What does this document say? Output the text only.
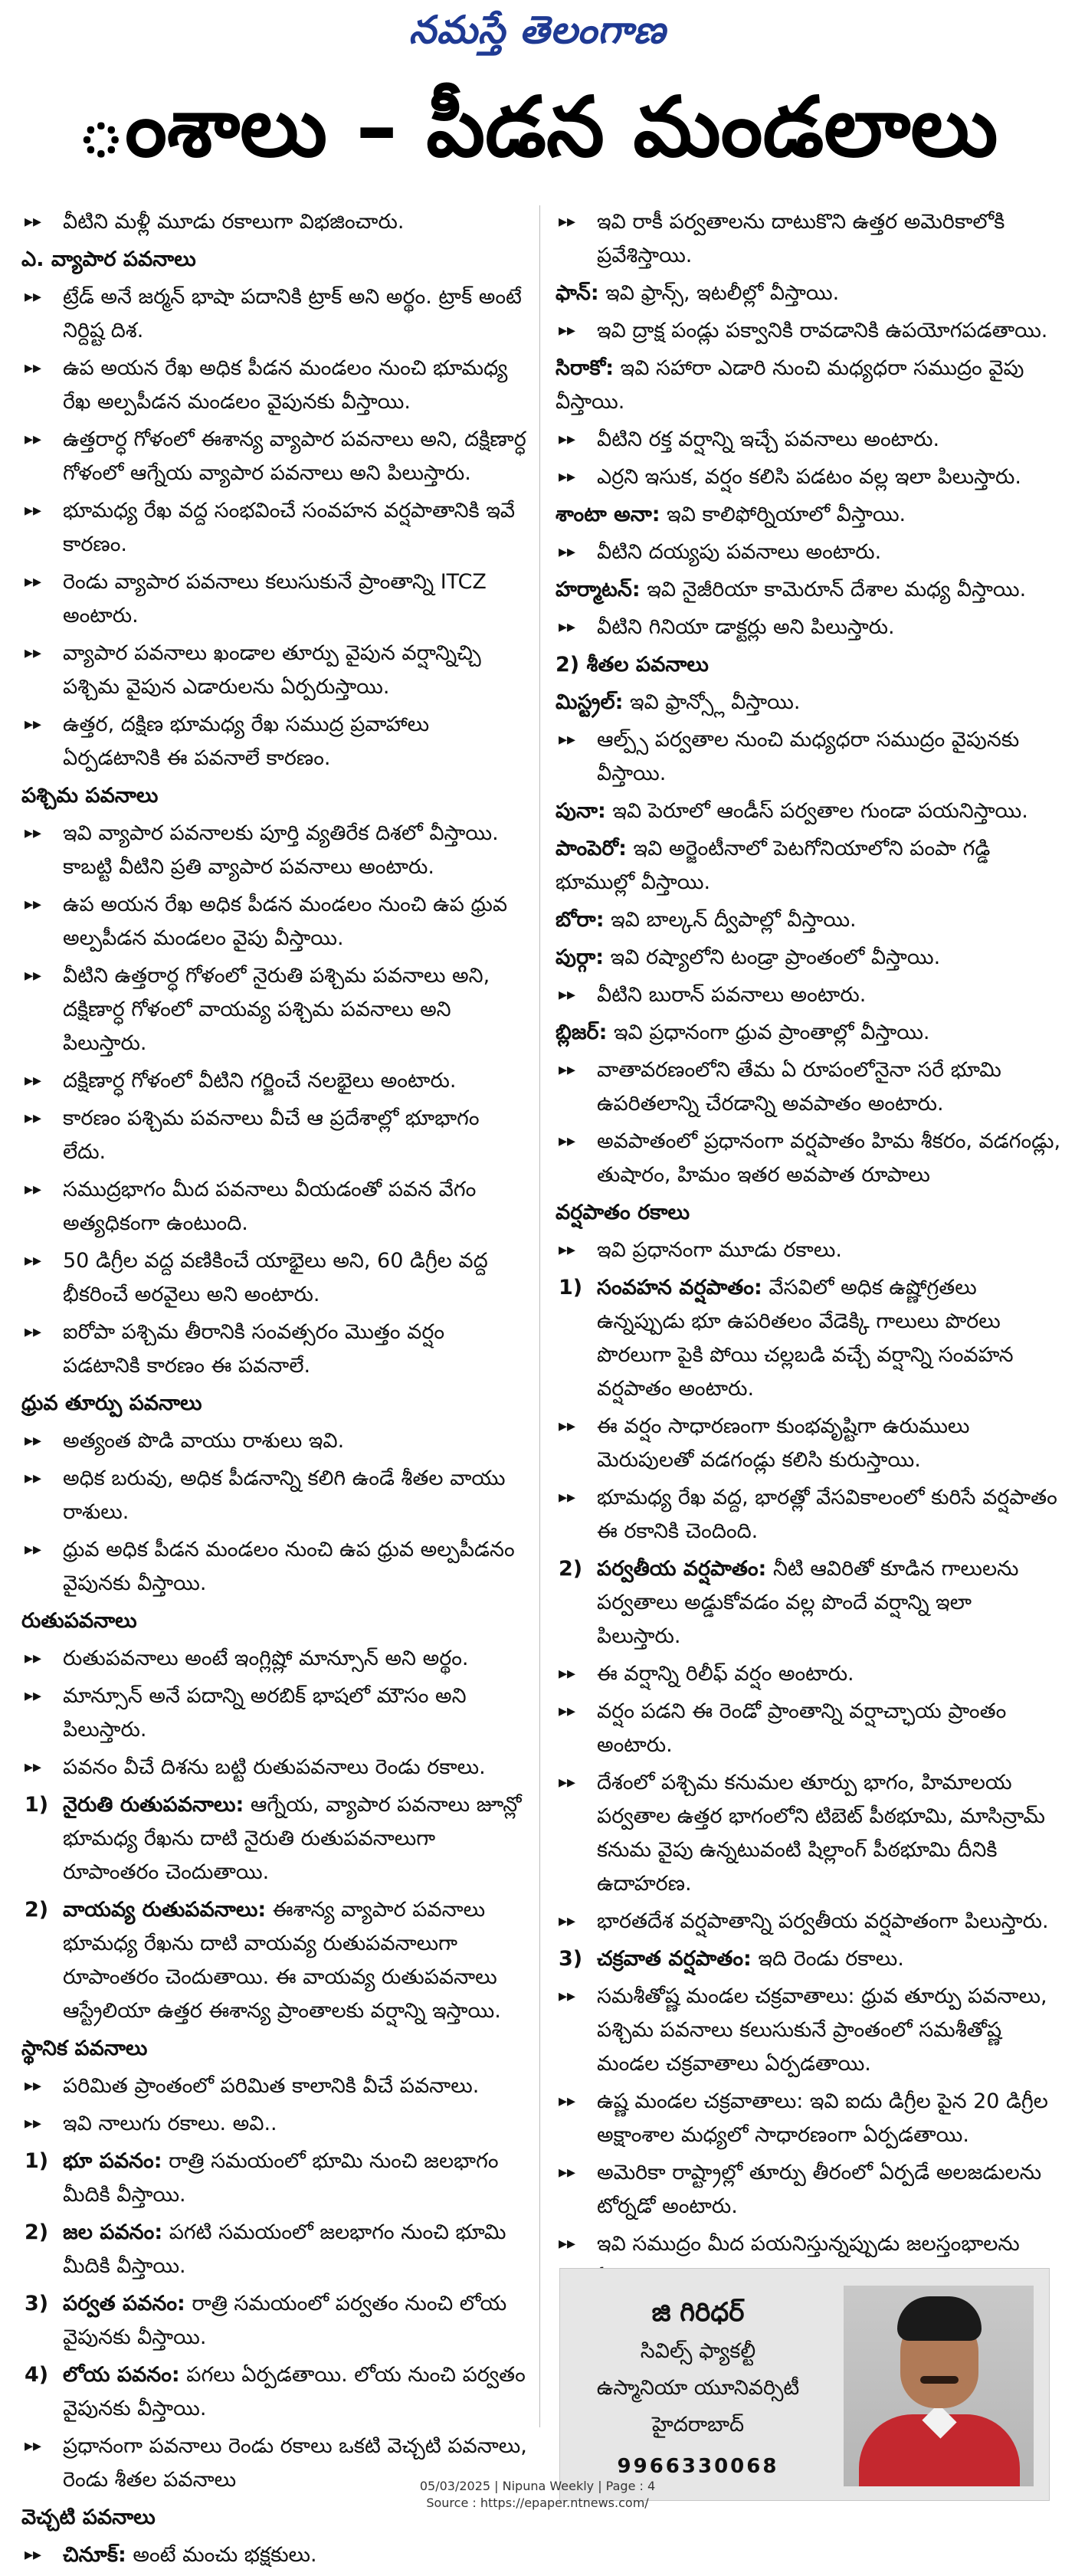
నమస్తే తెలంగాణ
ంశాలు – పీడన మండలాలు
▸▸	వీటిని మళ్లీ మూడు రకాలుగా విభజించారు.
ఎ. వ్యాపార పవనాలు
▸▸	ట్రేడ్ అనే జర్మన్ భాషా పదానికి ట్రాక్ అని అర్థం. ట్రాక్ అంటే నిర్దిష్ట దిశ.
▸▸	ఉప అయన రేఖ అధిక పీడన మండలం నుంచి భూమధ్య రేఖ అల్పపీడన మండలం వైపునకు వీస్తాయి.
▸▸	ఉత్తరార్ధ గోళంలో ఈశాన్య వ్యాపార పవనాలు అని, దక్షిణార్ధ గోళంలో ఆగ్నేయ వ్యాపార పవనాలు అని పిలుస్తారు.
▸▸	భూమధ్య రేఖ వద్ద సంభవించే సంవహన వర్షపాతానికి ఇవే కారణం.
▸▸	రెండు వ్యాపార పవనాలు కలుసుకునే ప్రాంతాన్ని ITCZ అంటారు.
▸▸	వ్యాపార పవనాలు ఖండాల తూర్పు వైపున వర్షాన్నిచ్చి పశ్చిమ వైపున ఎడారులను ఏర్పరుస్తాయి.
▸▸	ఉత్తర, దక్షిణ భూమధ్య రేఖ సముద్ర ప్రవాహాలు ఏర్పడటానికి ఈ పవనాలే కారణం.
పశ్చిమ పవనాలు
▸▸	ఇవి వ్యాపార పవనాలకు పూర్తి వ్యతిరేక దిశలో వీస్తాయి. కాబట్టి వీటిని ప్రతి వ్యాపార పవనాలు అంటారు.
▸▸	ఉప అయన రేఖ అధిక పీడన మండలం నుంచి ఉప ధ్రువ అల్పపీడన మండలం వైపు వీస్తాయి.
▸▸	వీటిని ఉత్తరార్ధ గోళంలో నైరుతి పశ్చిమ పవనాలు అని, దక్షిణార్ధ గోళంలో వాయవ్య పశ్చిమ పవనాలు అని పిలుస్తారు.
▸▸	దక్షిణార్ధ గోళంలో వీటిని గర్జించే నలభైలు అంటారు.
▸▸	కారణం పశ్చిమ పవనాలు వీచే ఆ ప్రదేశాల్లో భూభాగం లేదు.
▸▸	సముద్రభాగం మీద పవనాలు వీయడంతో పవన వేగం అత్యధికంగా ఉంటుంది.
▸▸	50 డిగ్రీల వద్ద వణికించే యాభైలు అని, 60 డిగ్రీల వద్ద భీకరించే అరవైలు అని అంటారు.
▸▸	ఐరోపా పశ్చిమ తీరానికి సంవత్సరం మొత్తం వర్షం పడటానికి కారణం ఈ పవనాలే.
ధ్రువ తూర్పు పవనాలు
▸▸	అత్యంత పొడి వాయు రాశులు ఇవి.
▸▸	అధిక బరువు, అధిక పీడనాన్ని కలిగి ఉండే శీతల వాయు రాశులు.
▸▸	ధ్రువ అధిక పీడన మండలం నుంచి ఉప ధ్రువ అల్పపీడనం వైపునకు వీస్తాయి.
రుతుపవనాలు
▸▸	రుతుపవనాలు అంటే ఇంగ్లిష్లో మాన్సూన్ అని అర్థం.
▸▸	మాన్సూన్ అనే పదాన్ని అరబిక్ భాషలో మౌసం అని పిలుస్తారు.
▸▸	పవనం వీచే దిశను బట్టి రుతుపవనాలు రెండు రకాలు.
1) నైరుతి రుతుపవనాలు: ఆగ్నేయ, వ్యాపార పవనాలు జూన్లో భూమధ్య రేఖను దాటి నైరుతి రుతుపవనాలుగా రూపాంతరం చెందుతాయి.
2) వాయవ్య రుతుపవనాలు: ఈశాన్య వ్యాపార పవనాలు భూమధ్య రేఖను దాటి వాయవ్య రుతుపవనాలుగా రూపాంతరం చెందుతాయి. ఈ వాయవ్య రుతుపవనాలు ఆస్ట్రేలియా ఉత్తర ఈశాన్య ప్రాంతాలకు వర్షాన్ని ఇస్తాయి.
స్థానిక పవనాలు
▸▸	పరిమిత ప్రాంతంలో పరిమిత కాలానికి వీచే పవనాలు.
▸▸	ఇవి నాలుగు రకాలు. అవి..
1) భూ పవనం: రాత్రి సమయంలో భూమి నుంచి జలభాగం మీదికి వీస్తాయి.
2) జల పవనం: పగటి సమయంలో జలభాగం నుంచి భూమి మీదికి వీస్తాయి.
3) పర్వత పవనం: రాత్రి సమయంలో పర్వతం నుంచి లోయ వైపునకు వీస్తాయి.
4) లోయ పవనం: పగలు ఏర్పడతాయి. లోయ నుంచి పర్వతం వైపునకు వీస్తాయి.
▸▸	ప్రధానంగా పవనాలు రెండు రకాలు ఒకటి వెచ్చటి పవనాలు, రెండు శీతల పవనాలు
వెచ్చటి పవనాలు
▸▸	చినూక్: అంటే మంచు భక్షకులు.
▸▸	ఇవి రాకీ పర్వతాలను దాటుకొని ఉత్తర అమెరికాలోకి ప్రవేశిస్తాయి.
ఫాన్: ఇవి ఫ్రాన్స్, ఇటలీల్లో వీస్తాయి.
▸▸	ఇవి ద్రాక్ష పండ్లు పక్వానికి రావడానికి ఉపయోగపడతాయి.
సిరాకో: ఇవి సహారా ఎడారి నుంచి మధ్యధరా సముద్రం వైపు వీస్తాయి.
▸▸	వీటిని రక్త వర్షాన్ని ఇచ్చే పవనాలు అంటారు.
▸▸	ఎర్రని ఇసుక, వర్షం కలిసి పడటం వల్ల ఇలా పిలుస్తారు.
శాంటా అనా: ఇవి కాలిఫోర్నియాలో వీస్తాయి.
▸▸	వీటిని దయ్యపు పవనాలు అంటారు.
హర్మాటన్: ఇవి నైజీరియా కామెరూన్ దేశాల మధ్య వీస్తాయి.
▸▸	వీటిని గినియా డాక్టర్లు అని పిలుస్తారు.
2) శీతల పవనాలు
మిస్ట్రల్: ఇవి ఫ్రాన్స్లో వీస్తాయి.
▸▸	ఆల్ప్స్ పర్వతాల నుంచి మధ్యధరా సముద్రం వైపునకు వీస్తాయి.
పునా: ఇవి పెరూలో ఆండీస్ పర్వతాల గుండా పయనిస్తాయి.
పాంపెరో: ఇవి అర్జెంటీనాలో పెటగోనియాలోని పంపా గడ్డి భూముల్లో వీస్తాయి.
బోరా: ఇవి బాల్కన్ ద్వీపాల్లో వీస్తాయి.
పుర్గా: ఇవి రష్యాలోని టండ్రా ప్రాంతంలో వీస్తాయి.
▸▸	వీటిని బురాన్ పవనాలు అంటారు.
బ్లిజర్: ఇవి ప్రధానంగా ధ్రువ ప్రాంతాల్లో వీస్తాయి.
▸▸	వాతావరణంలోని తేమ ఏ రూపంలోనైనా సరే భూమి ఉపరితలాన్ని చేరడాన్ని అవపాతం అంటారు.
▸▸	అవపాతంలో ప్రధానంగా వర్షపాతం హిమ శీకరం, వడగండ్లు, తుషారం, హిమం ఇతర అవపాత రూపాలు
వర్షపాతం రకాలు
▸▸	ఇవి ప్రధానంగా మూడు రకాలు.
1) సంవహన వర్షపాతం: వేసవిలో అధిక ఉష్ణోగ్రతలు ఉన్నప్పుడు భూ ఉపరితలం వేడెక్కి గాలులు పొరలు పొరలుగా పైకి పోయి చల్లబడి వచ్చే వర్షాన్ని సంవహన వర్షపాతం అంటారు.
▸▸	ఈ వర్షం సాధారణంగా కుంభవృష్టిగా ఉరుములు మెరుపులతో వడగండ్లు కలిసి కురుస్తాయి.
▸▸	భూమధ్య రేఖ వద్ద, భారత్లో వేసవికాలంలో కురిసే వర్షపాతం ఈ రకానికి చెందింది.
2) పర్వతీయ వర్షపాతం: నీటి ఆవిరితో కూడిన గాలులను పర్వతాలు అడ్డుకోవడం వల్ల పొందే వర్షాన్ని ఇలా పిలుస్తారు.
▸▸	ఈ వర్షాన్ని రిలీఫ్ వర్షం అంటారు.
▸▸	వర్షం పడని ఈ రెండో ప్రాంతాన్ని వర్షాచ్ఛాయ ప్రాంతం అంటారు.
▸▸	దేశంలో పశ్చిమ కనుమల తూర్పు భాగం, హిమాలయ పర్వతాల ఉత్తర భాగంలోని టిబెట్ పీఠభూమి, మాసిన్రామ్ కనుమ వైపు ఉన్నటువంటి షిల్లాంగ్ పీఠభూమి దీనికి ఉదాహరణ.
▸▸	భారతదేశ వర్షపాతాన్ని పర్వతీయ వర్షపాతంగా పిలుస్తారు.
3) చక్రవాత వర్షపాతం: ఇది రెండు రకాలు.
▸▸	సమశీతోష్ణ మండల చక్రవాతాలు: ధ్రువ తూర్పు పవనాలు, పశ్చిమ పవనాలు కలుసుకునే ప్రాంతంలో సమశీతోష్ణ మండల చక్రవాతాలు ఏర్పడతాయి.
▸▸	ఉష్ణ మండల చక్రవాతాలు: ఇవి ఐదు డిగ్రీల పైన 20 డిగ్రీల అక్షాంశాల మధ్యలో సాధారణంగా ఏర్పడతాయి.
▸▸	అమెరికా రాష్ట్రాల్లో తూర్పు తీరంలో ఏర్పడే అలజడులను టోర్నడో అంటారు.
▸▸	ఇవి సముద్రం మీద పయనిస్తున్నప్పుడు జలస్తంభాలను
జి గిరిధర్
సివిల్స్ ఫ్యాకల్టీ
ఉస్మానియా యూనివర్సిటీ
హైదరాబాద్
9966330068
05/03/2025 | Nipuna Weekly | Page : 4
Source : https://epaper.ntnews.com/
